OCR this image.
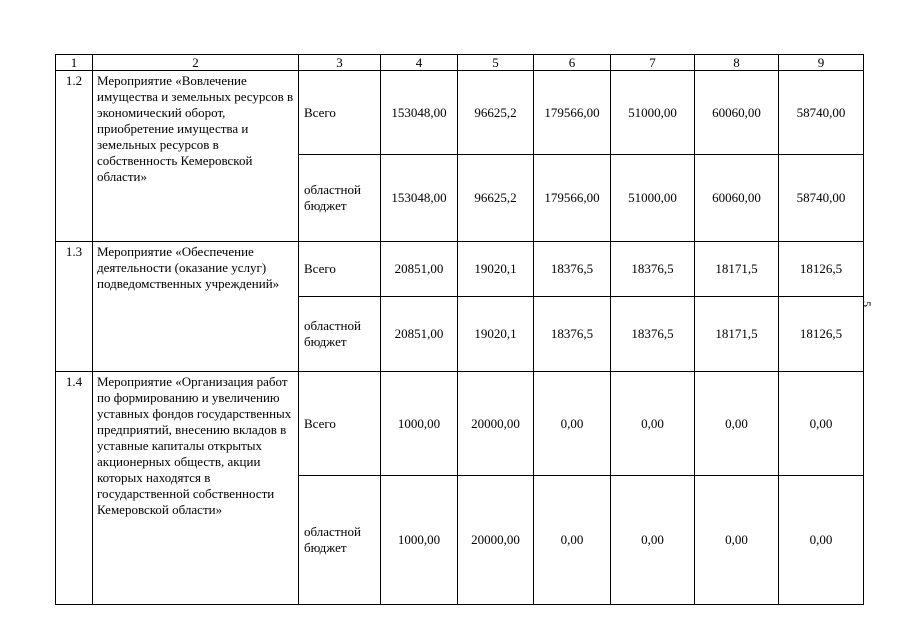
1	2	3	4	5	6	7	8	9
1.2	Мероприятие «Вовлечение имущества и земельных ресурсов в экономический оборот, приобретение имущества и земельных ресурсов в собственность Кемеровской области»	Всего	153048,00	96625,2	179566,00	51000,00	60060,00	58740,00
		областной бюджет	153048,00	96625,2	179566,00	51000,00	60060,00	58740,00
1.3	Мероприятие «Обеспечение деятельности (оказание услуг) подведомственных учреждений»	Всего	20851,00	19020,1	18376,5	18376,5	18171,5	18126,5
		областной бюджет	20851,00	19020,1	18376,5	18376,5	18171,5	18126,5
1.4	Мероприятие «Организация работ по формированию и увеличению уставных фондов государственных предприятий, внесению вкладов в уставные капиталы открытых акционерных обществ, акции которых находятся в государственной собственности Кемеровской области»	Всего	1000,00	20000,00	0,00	0,00	0,00	0,00
		областной бюджет	1000,00	20000,00	0,00	0,00	0,00	0,00
5
